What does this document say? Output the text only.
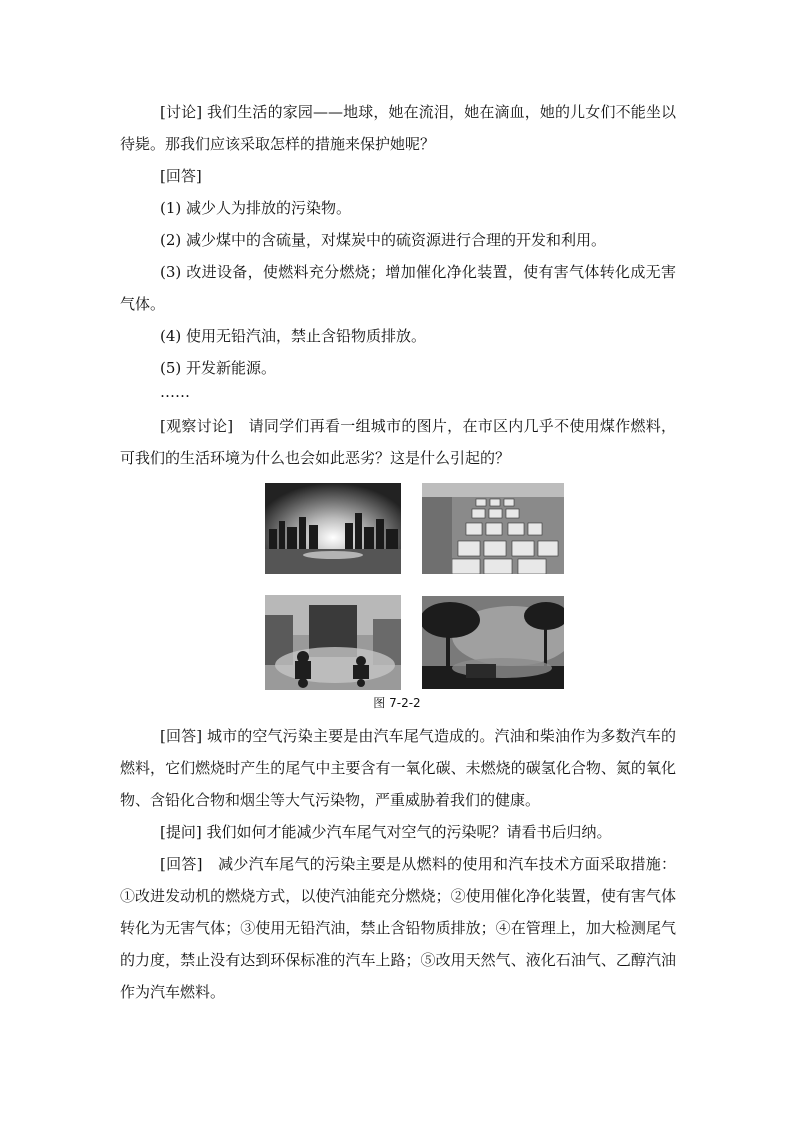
[讨论] 我们生活的家园——地球，她在流泪，她在滴血，她的儿女们不能坐以待毙。那我们应该采取怎样的措施来保护她呢？

[回答]

(1) 减少人为排放的污染物。

(2) 减少煤中的含硫量，对煤炭中的硫资源进行合理的开发和利用。

(3) 改进设备，使燃料充分燃烧；增加催化净化装置，使有害气体转化成无害气体。

(4) 使用无铅汽油，禁止含铅物质排放。

(5) 开发新能源。

……

[观察讨论]　请同学们再看一组城市的图片，在市区内几乎不使用煤作燃料，可我们的生活环境为什么也会如此恶劣？这是什么引起的？

图 7-2-2

[回答] 城市的空气污染主要是由汽车尾气造成的。汽油和柴油作为多数汽车的燃料，它们燃烧时产生的尾气中主要含有一氧化碳、未燃烧的碳氢化合物、氮的氧化物、含铅化合物和烟尘等大气污染物，严重威胁着我们的健康。

[提问] 我们如何才能减少汽车尾气对空气的污染呢？请看书后归纳。

[回答]　减少汽车尾气的污染主要是从燃料的使用和汽车技术方面采取措施：①改进发动机的燃烧方式，以使汽油能充分燃烧；②使用催化净化装置，使有害气体转化为无害气体；③使用无铅汽油，禁止含铅物质排放；④在管理上，加大检测尾气的力度，禁止没有达到环保标准的汽车上路；⑤改用天然气、液化石油气、乙醇汽油作为汽车燃料。
